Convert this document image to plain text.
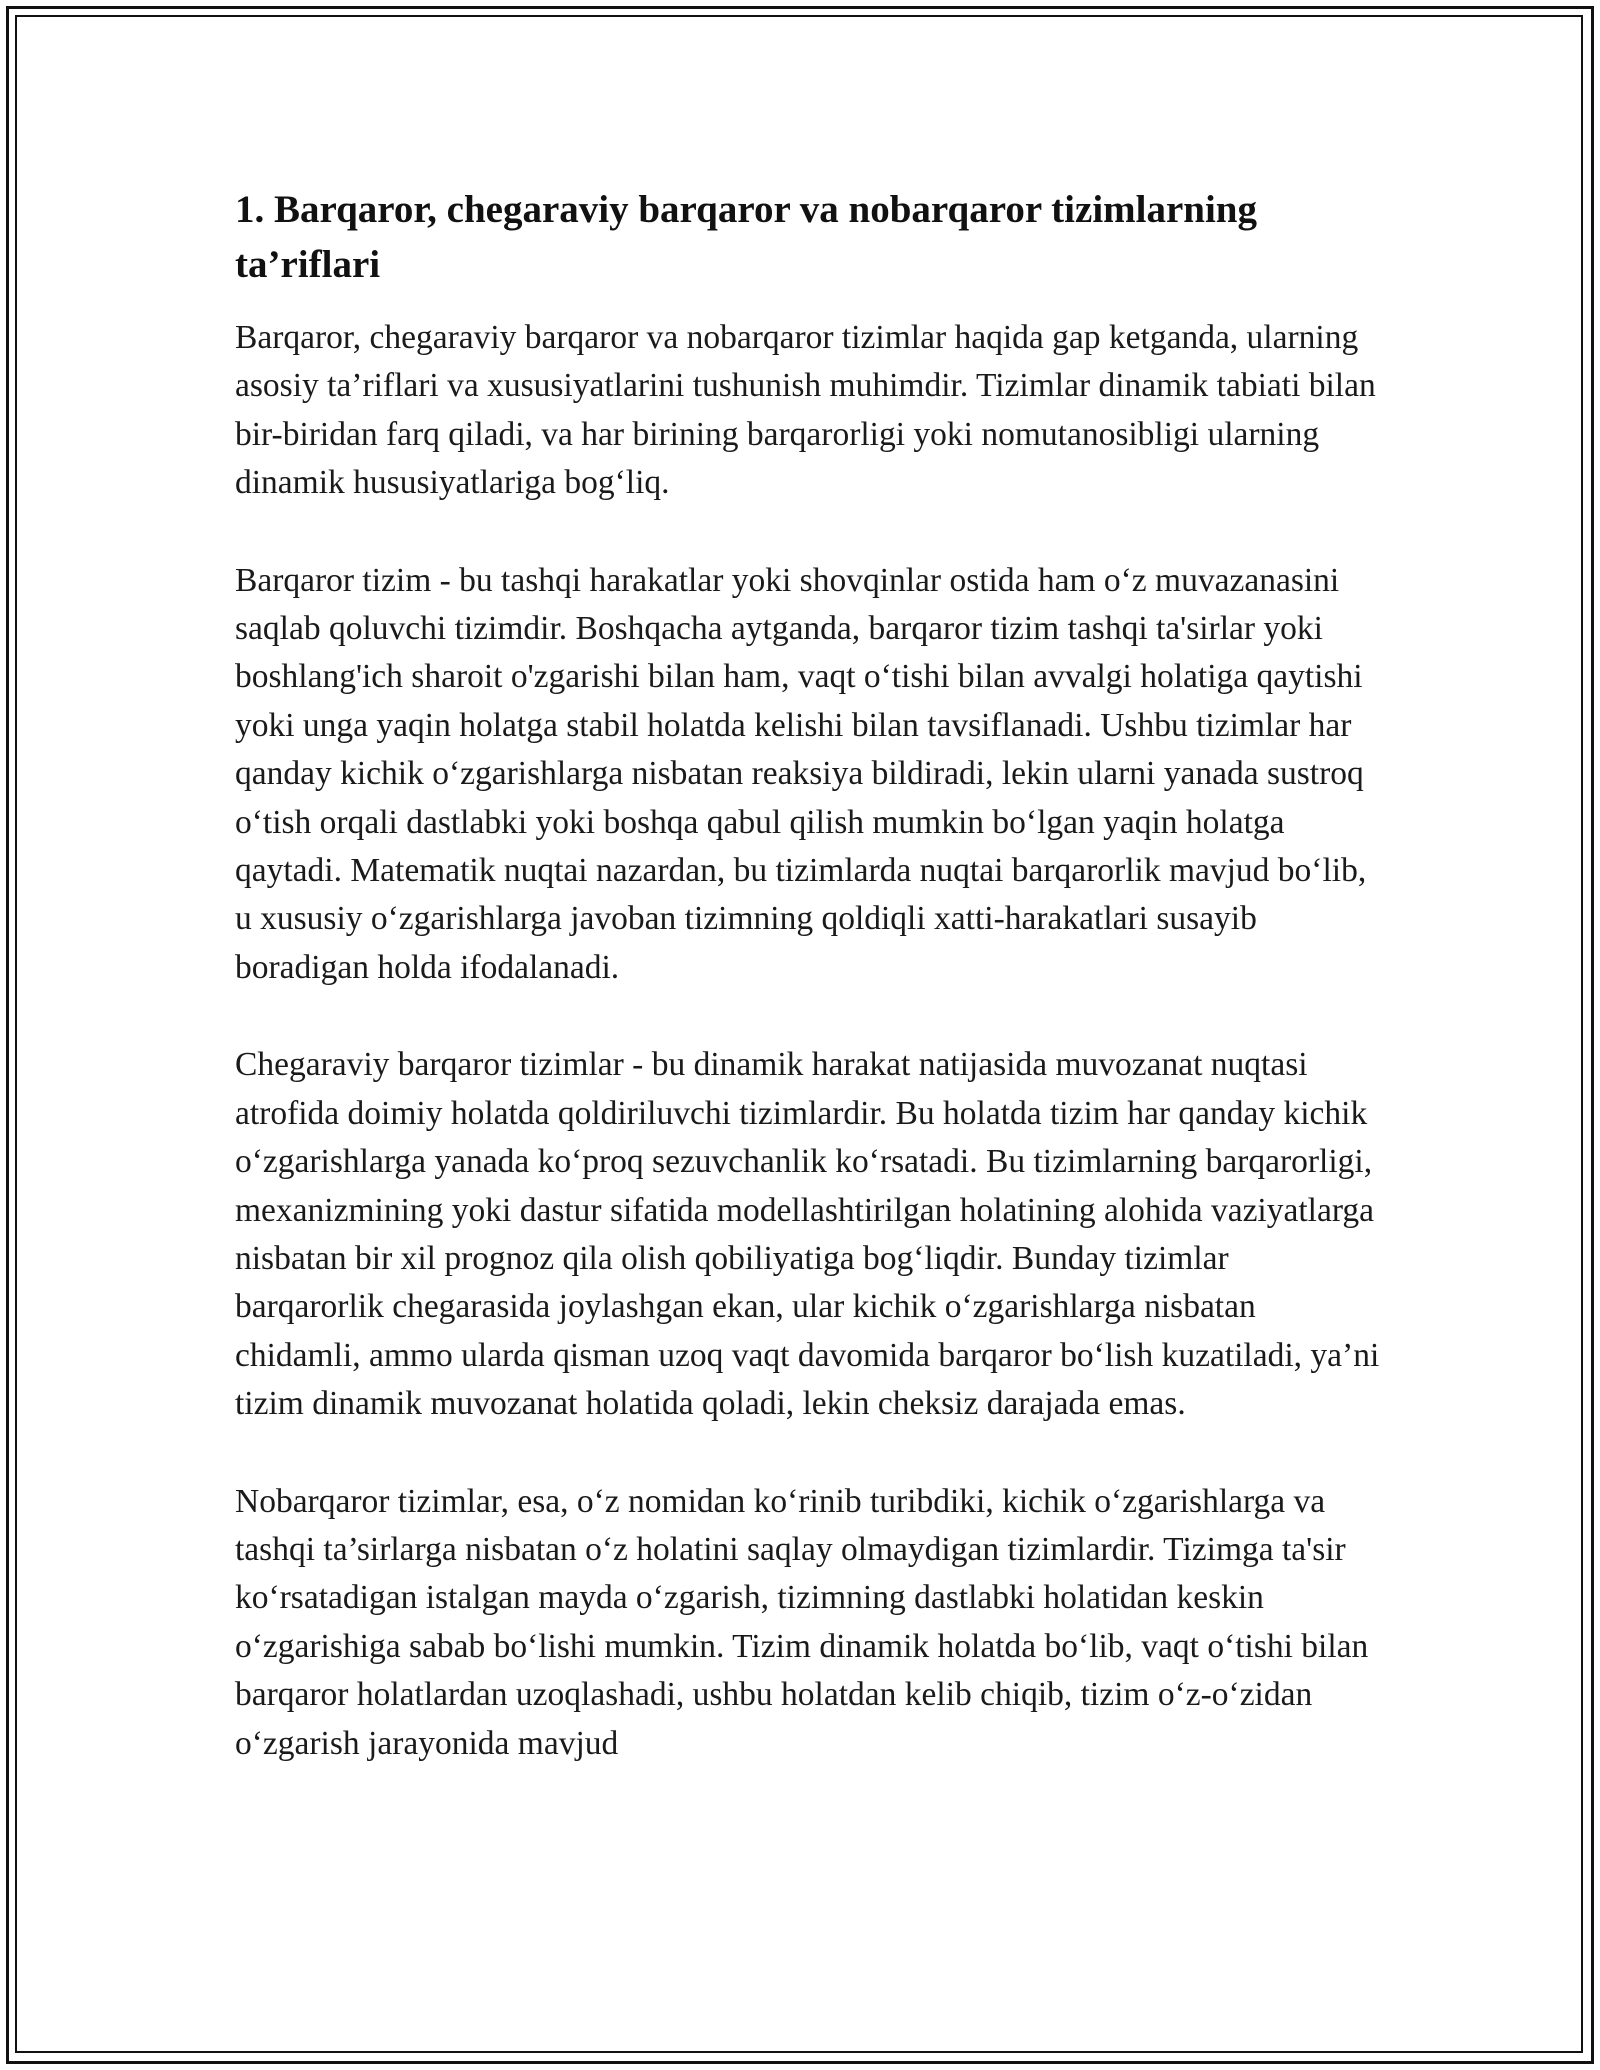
1. Barqaror, chegaraviy barqaror va nobarqaror tizimlarning ta’riflari

Barqaror, chegaraviy barqaror va nobarqaror tizimlar haqida gap ketganda, ularning asosiy ta’riflari va xususiyatlarini tushunish muhimdir. Tizimlar dinamik tabiati bilan bir-biridan farq qiladi, va har birining barqarorligi yoki nomutanosibligi ularning dinamik hususiyatlariga bog‘liq.

Barqaror tizim - bu tashqi harakatlar yoki shovqinlar ostida ham o‘z muvazanasini saqlab qoluvchi tizimdir. Boshqacha aytganda, barqaror tizim tashqi ta'sirlar yoki boshlang'ich sharoit o'zgarishi bilan ham, vaqt o‘tishi bilan avvalgi holatiga qaytishi yoki unga yaqin holatga stabil holatda kelishi bilan tavsiflanadi. Ushbu tizimlar har qanday kichik o‘zgarishlarga nisbatan reaksiya bildiradi, lekin ularni yanada sustroq o‘tish orqali dastlabki yoki boshqa qabul qilish mumkin bo‘lgan yaqin holatga qaytadi. Matematik nuqtai nazardan, bu tizimlarda nuqtai barqarorlik mavjud bo‘lib, u xususiy o‘zgarishlarga javoban tizimning qoldiqli xatti-harakatlari susayib boradigan holda ifodalanadi.

Chegaraviy barqaror tizimlar - bu dinamik harakat natijasida muvozanat nuqtasi atrofida doimiy holatda qoldiriluvchi tizimlardir. Bu holatda tizim har qanday kichik o‘zgarishlarga yanada ko‘proq sezuvchanlik ko‘rsatadi. Bu tizimlarning barqarorligi, mexanizmining yoki dastur sifatida modellashtirilgan holatining alohida vaziyatlarga nisbatan bir xil prognoz qila olish qobiliyatiga bog‘liqdir. Bunday tizimlar barqarorlik chegarasida joylashgan ekan, ular kichik o‘zgarishlarga nisbatan chidamli, ammo ularda qisman uzoq vaqt davomida barqaror bo‘lish kuzatiladi, ya’ni tizim dinamik muvozanat holatida qoladi, lekin cheksiz darajada emas.

Nobarqaror tizimlar, esa, o‘z nomidan ko‘rinib turibdiki, kichik o‘zgarishlarga va tashqi ta’sirlarga nisbatan o‘z holatini saqlay olmaydigan tizimlardir. Tizimga ta'sir ko‘rsatadigan istalgan mayda o‘zgarish, tizimning dastlabki holatidan keskin o‘zgarishiga sabab bo‘lishi mumkin. Tizim dinamik holatda bo‘lib, vaqt o‘tishi bilan barqaror holatlardan uzoqlashadi, ushbu holatdan kelib chiqib, tizim o‘z-o‘zidan o‘zgarish jarayonida mavjud
